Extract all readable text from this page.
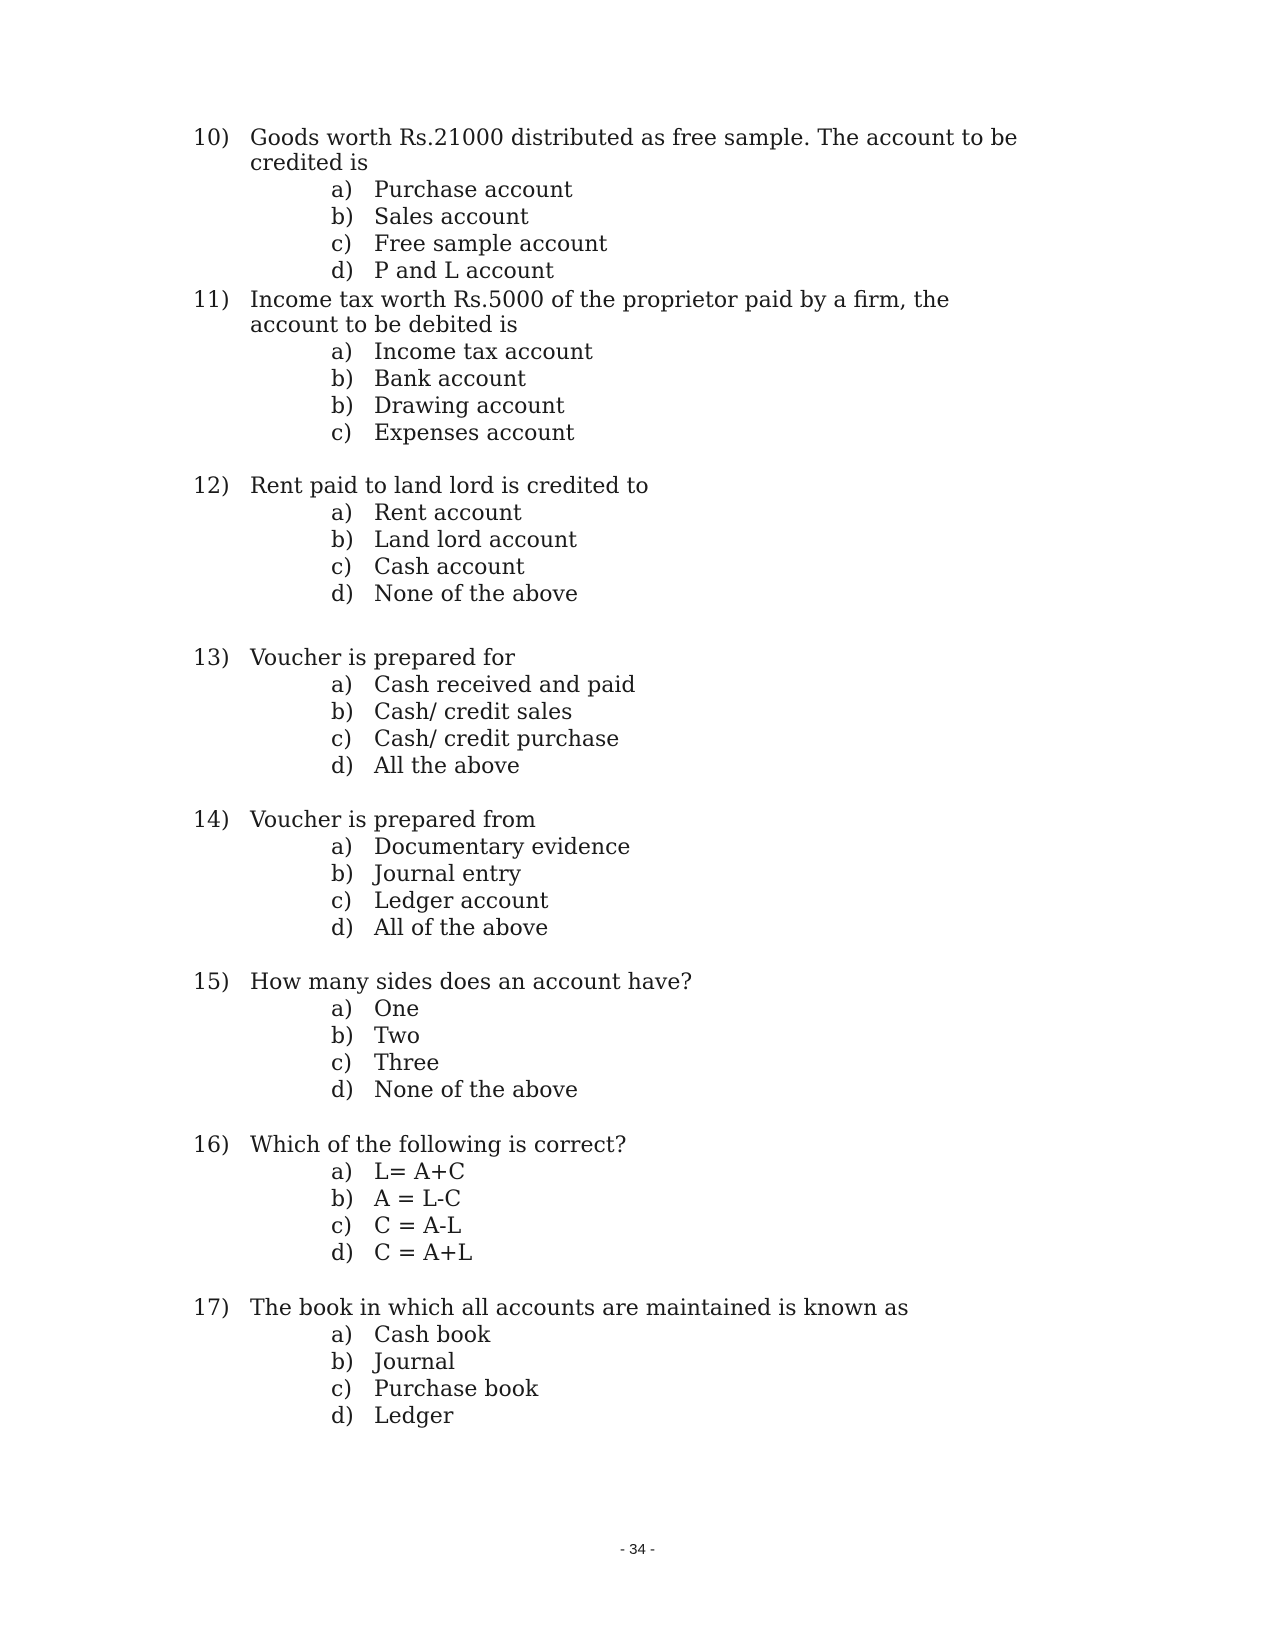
10) Goods worth Rs.21000 distributed as free sample. The account to be credited is
a) Purchase account
b) Sales account
c) Free sample account
d) P and L account
11) Income tax worth Rs.5000 of the proprietor paid by a firm, the account to be debited is
a) Income tax account
b) Bank account
b) Drawing account
c) Expenses account
12) Rent paid to land lord is credited to
a) Rent account
b) Land lord account
c) Cash account
d) None of the above
13) Voucher is prepared for
a) Cash received and paid
b) Cash/ credit sales
c) Cash/ credit purchase
d) All the above
14) Voucher is prepared from
a) Documentary evidence
b) Journal entry
c) Ledger account
d) All of the above
15) How many sides does an account have?
a) One
b) Two
c) Three
d) None of the above
16) Which of the following is correct?
a) L= A+C
b) A = L-C
c) C = A-L
d) C = A+L
17) The book in which all accounts are maintained is known as
a) Cash book
b) Journal
c) Purchase book
d) Ledger
- 34 -
